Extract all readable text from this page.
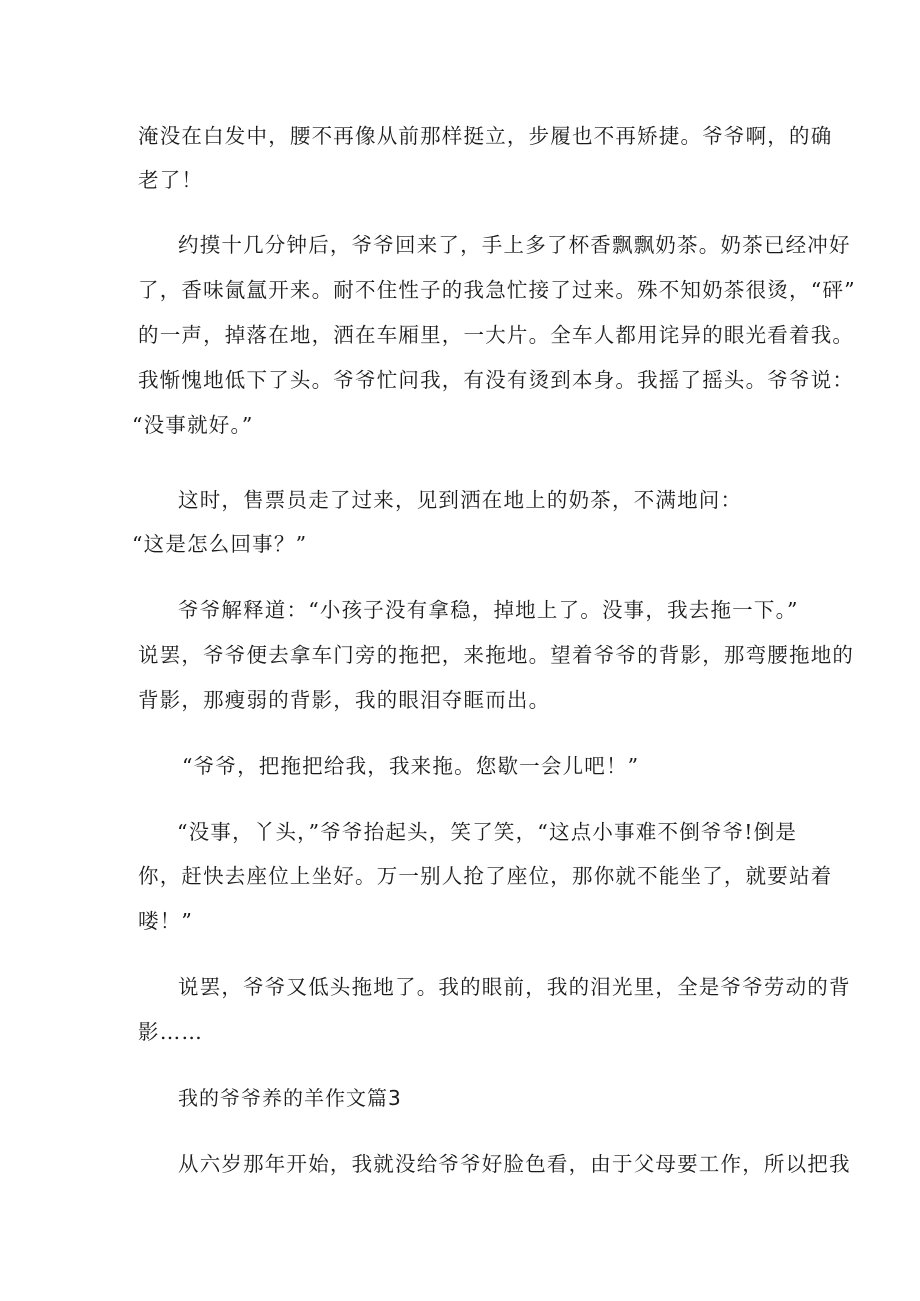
淹没在白发中，腰不再像从前那样挺立，步履也不再矫捷。爷爷啊，的确

老了！

约摸十几分钟后，爷爷回来了，手上多了杯香飘飘奶茶。奶茶已经冲好

了，香味氤氲开来。耐不住性子的我急忙接了过来。殊不知奶茶很烫，“砰”

的一声，掉落在地，洒在车厢里，一大片。全车人都用诧异的眼光看着我。

我惭愧地低下了头。爷爷忙问我，有没有烫到本身。我摇了摇头。爷爷说：

“没事就好。”

这时，售票员走了过来，见到洒在地上的奶茶，不满地问：

“这是怎么回事？”

爷爷解释道：“小孩子没有拿稳，掉地上了。没事，我去拖一下。”

说罢，爷爷便去拿车门旁的拖把，来拖地。望着爷爷的背影，那弯腰拖地的

背影，那瘦弱的背影，我的眼泪夺眶而出。

“爷爷，把拖把给我，我来拖。您歇一会儿吧！”

“没事，丫头，”爷爷抬起头，笑了笑，“这点小事难不倒爷爷!倒是

你，赶快去座位上坐好。万一别人抢了座位，那你就不能坐了，就要站着

喽！”

说罢，爷爷又低头拖地了。我的眼前，我的泪光里，全是爷爷劳动的背

影……

我的爷爷养的羊作文篇3

从六岁那年开始，我就没给爷爷好脸色看，由于父母要工作，所以把我
